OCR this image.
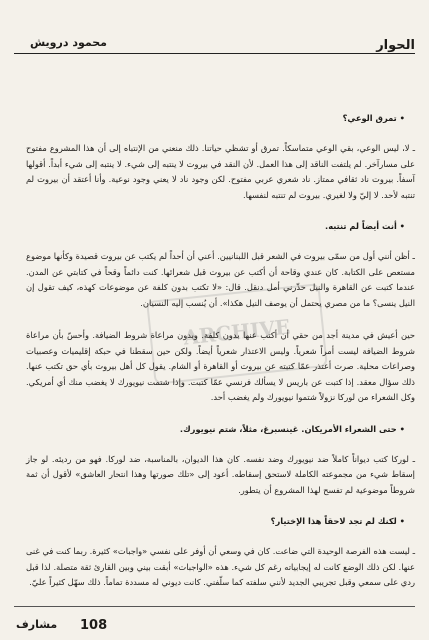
الحوار
محمود درويش
ARCHIVE

• تمرق الوعي؟

ـ لا، ليس الوعي، بقي الوعي متماسكاً. تمرق أو تشظي حياتنا. ذلك منعني من الإنتباه إلى أن هذا المشروع مفتوح على مسارآخر. لم يلتفت الناقد إلى هذا العمل. لأن النقد في بيروت لا ينتبه إلى شيء. لا ينتبه إلى شيء أبداً. أقولها آسفاً. بيروت ناد ثقافي ممتاز. ناد شعري عربي مفتوح. لكن وجود ناد لا يعني وجود نوعية. وأنا أعتقد أن بيروت لم تنتبه لأحد. لا إليّ ولا لغيري. بيروت لم تنتبه لنفسها.

• أنت أيضاً لم تنتبه.

ـ أظن أنني أول من سمّى بيروت في الشعر قبل اللبنانيين. أعني أن أحداً لم يكتب عن بيروت قصيدة وكأنها موضوع مستعص على الكتابة. كان عندي وقاحة أن أكتب عن بيروت قبل شعرائها. كنت دائماً وقحاً في كتابتي عن المدن. عندما كتبت عن القاهرة والنيل حذّرني أمل دنقل. قال: «لا تكتب بدون كلفة عن موضوعات كهذه، كيف تقول إن النيل ينسى؟ ما من مصري يحتمل أن يوصف النيل هكذا». أن يُنسب إليه النسيان.

حين أعيش في مدينة أجد من حقي أن أكتب عنها بدون كلفة. وبدون مراعاة شروط الضيافة. وأحسّ بأن مراعاة شروط الضيافة ليست أمراً شعرياً. وليس الاعتذار شعرياً أيضاً. ولكن حين سقطنا في حبكة إقليميات وعصبيات وصراعات محلية. صرت أعتذر عمّا كتبته عن بيروت أو القاهرة أو الشام. يقول كل أهل بيروت بأي حق تكتب عنها. ذلك سؤال معقد. إذا كتبت عن باريس لا يسألك فرنسي عمّا كتبت. وإذا شتمت نيويورك لا يغضب منك أي أمريكي. وكل الشعراء من لوركا نزولاً شتموا نيويورك ولم يغضب أحد.

• حتى الشعراء الأمريكان. غينسبرغ، مثلاً، شتم نيويورك.

ـ لوركا كتب ديواناً كاملاً ضد نيويورك وضد نفسه. كان هذا الديوان، بالمناسبة، ضد لوركا. فهو من ردیئه. لو جاز إسقاط شيء من مجموعته الكاملة لاستحق إسقاطه. أعود إلى «تلك صورتها وهذا انتحار العاشق» لأقول أن ثمة شروطاً موضوعية لم تفسح لهذا المشروع أن يتطور.

• لكنك لم تجد لاحقاً هذا الإختيار؟

ـ ليست هذه الفرصة الوحيدة التي ضاعت. كان في وسعي أن أوفر على نفسي «واجبات» كثيرة. ربما كنت في غنى عنها. لكن ذلك الوضع كانت له إيجابياته رغم كل شيء. هذه «الواجبات» أبقت بيني وبين القارئ ثقة متصلة. لذا قبل ردي على سمعي وقبل تجريبي الجديد لأنني سلفته كما سلّفني. كانت ديوني له مسددة تماماً. ذلك سهّل كثيراً عليّ.

مشارف 108
